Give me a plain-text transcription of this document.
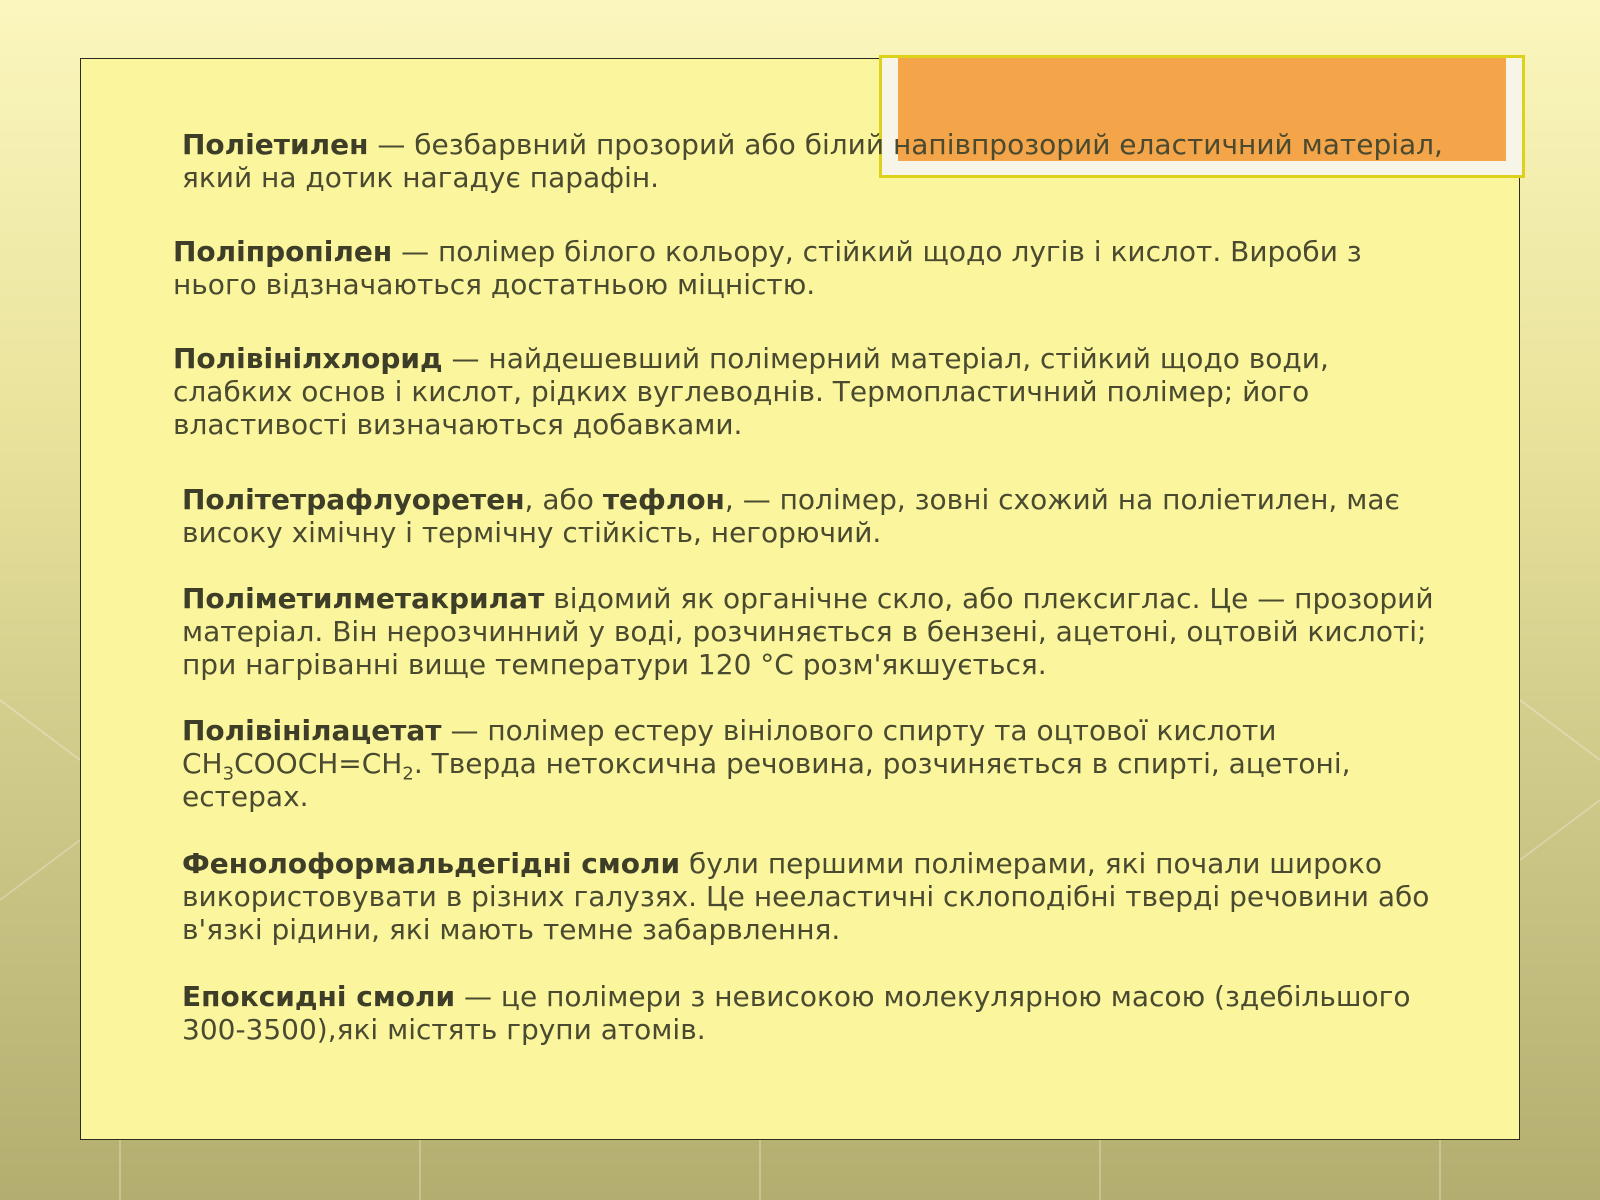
Поліетилен — безбарвний прозорий або білий напівпрозорий еластичний матеріал, який на дотик нагадує парафін.

Поліпропілен — полімер білого кольору, стійкий щодо лугів і кислот. Вироби з нього відзначаються достатньою міцністю.

Полівінілхлорид — найдешевший полімерний матеріал, стійкий щодо води, слабких основ і кислот, рідких вуглеводнів. Термопластичний полімер; його властивості визначаються добавками.

Політетрафлуоретен, або тефлон, — полімер, зовні схожий на поліетилен, має високу хімічну і термічну стійкість, негорючий.

Поліметилметакрилат відомий як органічне скло, або плексиглас. Це — прозорий матеріал. Він нерозчинний у воді, розчиняється в бензені, ацетоні, оцтовій кислоті; при нагріванні вище температури 120 °С розм'якшується.

Полівінілацетат — полімер естеру вінілового спирту та оцтової кислоти $CH_3COOCH=CH_2$. Тверда нетоксична речовина, розчиняється в спирті, ацетоні, естерах.

Фенолоформальдегідні смоли були першими полімерами, які почали широко використовувати в різних галузях. Це нееластичні склоподібні тверді речовини або в'язкі рідини, які мають темне забарвлення.

Епоксидні смоли — це полімери з невисокою молекулярною масою (здебільшого 300-3500),які містять групи атомів.
